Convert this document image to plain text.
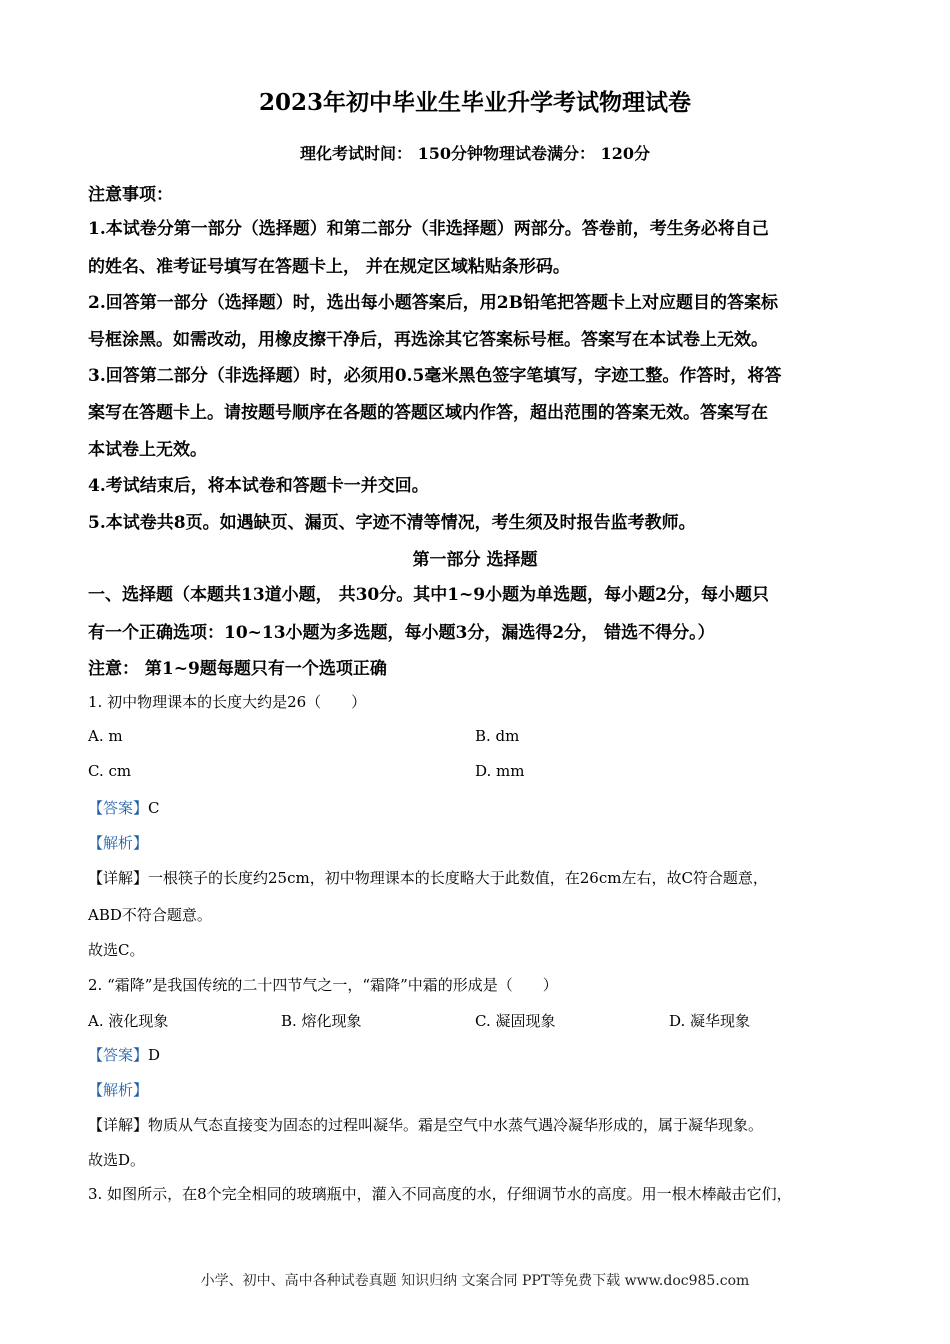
2023年初中毕业生毕业升学考试物理试卷
理化考试时间： 150分钟物理试卷满分： 120分
注意事项：
1.本试卷分第一部分（选择题）和第二部分（非选择题）两部分。答卷前，考生务必将自己
的姓名、准考证号填写在答题卡上， 并在规定区域粘贴条形码。
2.回答第一部分（选择题）时，选出每小题答案后，用2B铅笔把答题卡上对应题目的答案标
号框涂黑。如需改动，用橡皮擦干净后，再选涂其它答案标号框。答案写在本试卷上无效。
3.回答第二部分（非选择题）时，必须用0.5毫米黑色签字笔填写，字迹工整。作答时，将答
案写在答题卡上。请按题号顺序在各题的答题区域内作答，超出范围的答案无效。答案写在
本试卷上无效。
4.考试结束后，将本试卷和答题卡一并交回。
5.本试卷共8页。如遇缺页、漏页、字迹不清等情况，考生须及时报告监考教师。
第一部分 选择题
一、选择题（本题共13道小题， 共30分。其中1~9小题为单选题，每小题2分，每小题只
有一个正确选项：10~13小题为多选题，每小题3分，漏选得2分， 错选不得分。）
注意： 第1~9题每题只有一个选项正确
1. 初中物理课本的长度大约是26（　　）
A. m	B. dm
C. cm	D. mm
【答案】C
【解析】
【详解】一根筷子的长度约25cm，初中物理课本的长度略大于此数值，在26cm左右，故C符合题意，
ABD不符合题意。
故选C。
2. “霜降”是我国传统的二十四节气之一，“霜降”中霜的形成是（　　）
A. 液化现象	B. 熔化现象	C. 凝固现象	D. 凝华现象
【答案】D
【解析】
【详解】物质从气态直接变为固态的过程叫凝华。霜是空气中水蒸气遇冷凝华形成的，属于凝华现象。
故选D。
3. 如图所示，在8个完全相同的玻璃瓶中，灌入不同高度的水，仔细调节水的高度。用一根木棒敲击它们，
小学、初中、高中各种试卷真题 知识归纳 文案合同 PPT等免费下载 www.doc985.com
